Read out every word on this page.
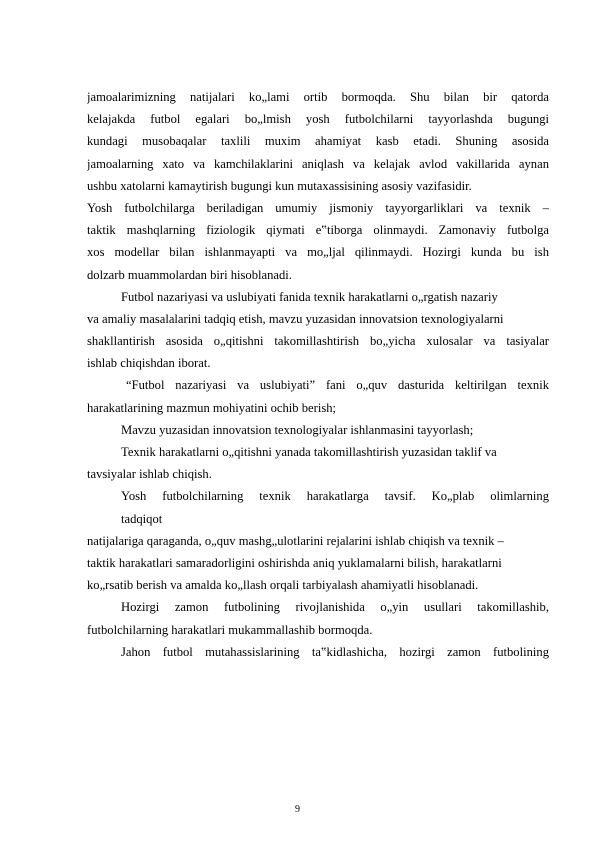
jamoalarimizning natijalari ko„lami ortib bormoqda. Shu bilan bir qatorda
kelajakda futbol egalari bo„lmish yosh futbolchilarni tayyorlashda bugungi
kundagi musobaqalar taxlili muxim ahamiyat kasb etadi. Shuning asosida
jamoalarning xato va kamchilaklarini aniqlash va kelajak avlod vakillarida aynan
ushbu xatolarni kamaytirish bugungi kun mutaxassisining asosiy vazifasidir.
Yosh futbolchilarga beriladigan umumiy jismoniy tayyorgarliklari va texnik –
taktik mashqlarning fiziologik qiymati e‟tiborga olinmaydi. Zamonaviy futbolga
xos modellar bilan ishlanmayapti va mo„ljal qilinmaydi. Hozirgi kunda bu ish
dolzarb muammolardan biri hisoblanadi.
Futbol nazariyasi va uslubiyati fanida texnik harakatlarni o„rgatish nazariy
va amaliy masalalarini tadqiq etish, mavzu yuzasidan innovatsion texnologiyalarni
shakllantirish asosida o„qitishni takomillashtirish bo„yicha xulosalar va tasiyalar
ishlab chiqishdan iborat.
“Futbol nazariyasi va uslubiyati” fani o„quv dasturida keltirilgan texnik
harakatlarining mazmun mohiyatini ochib berish;
Mavzu yuzasidan innovatsion texnologiyalar ishlanmasini tayyorlash;
Texnik harakatlarni o„qitishni yanada takomillashtirish yuzasidan taklif va
tavsiyalar ishlab chiqish.
Yosh futbolchilarning texnik harakatlarga tavsif. Ko„plab olimlarning
tadqiqot
natijalariga qaraganda, o„quv mashg„ulotlarini rejalarini ishlab chiqish va texnik –
taktik harakatlari samaradorligini oshirishda aniq yuklamalarni bilish, harakatlarni
ko„rsatib berish va amalda ko„llash orqali tarbiyalash ahamiyatli hisoblanadi.
Hozirgi zamon futbolining rivojlanishida o„yin usullari takomillashib,
futbolchilarning harakatlari mukammallashib bormoqda.
Jahon futbol mutahassislarining ta‟kidlashicha, hozirgi zamon futbolining
9
